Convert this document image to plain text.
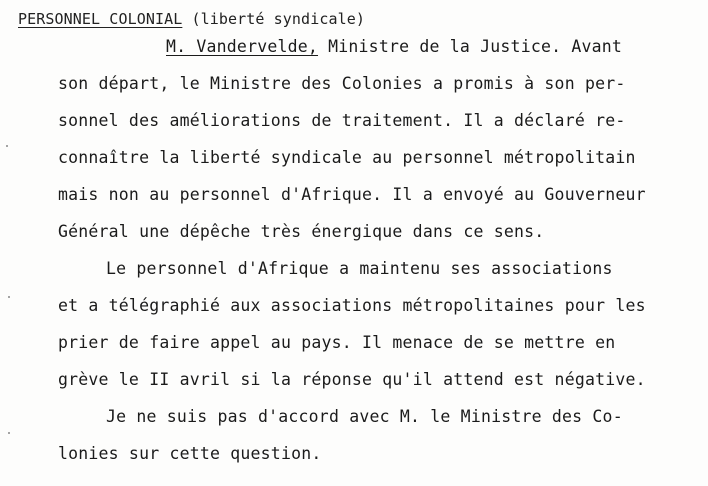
PERSONNEL COLONIAL (liberté syndicale)
M. Vandervelde, Ministre de la Justice. Avant
son départ, le Ministre des Colonies a promis à son per-
sonnel des améliorations de traitement. Il a déclaré re-
connaître la liberté syndicale au personnel métropolitain
mais non au personnel d'Afrique. Il a envoyé au Gouverneur
Général une dépêche très énergique dans ce sens.
Le personnel d'Afrique a maintenu ses associations
et a télégraphié aux associations métropolitaines pour les
prier de faire appel au pays. Il menace de se mettre en
grève le II avril si la réponse qu'il attend est négative.
Je ne suis pas d'accord avec M. le Ministre des Co-
lonies sur cette question.
